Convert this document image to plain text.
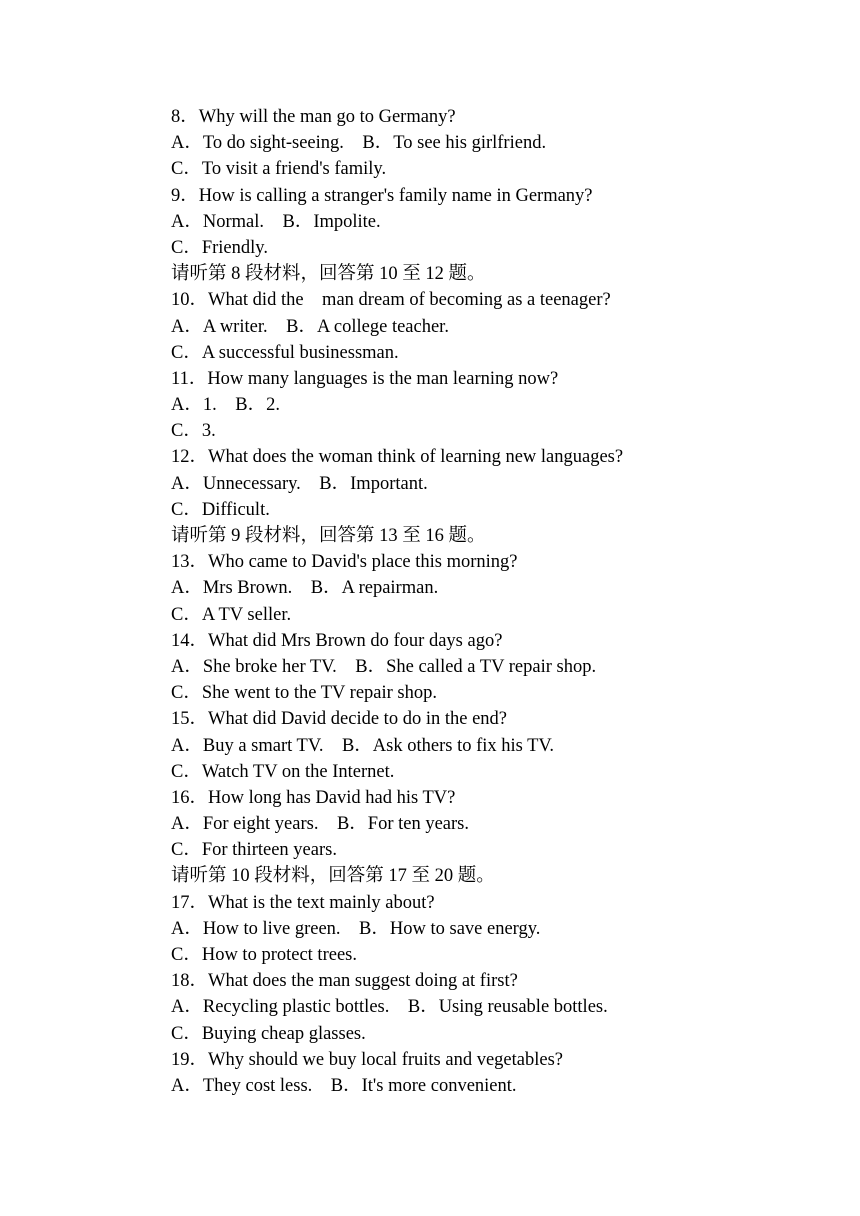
8．Why will the man go to Germany?
A．To do sight-seeing.    B．To see his girlfriend.
C．To visit a friend's family.
9．How is calling a stranger's family name in Germany?
A．Normal.    B．Impolite.
C．Friendly.
请听第 8 段材料，回答第 10 至 12 题。
10．What did the    man dream of becoming as a teenager?
A．A writer.    B．A college teacher.
C．A successful businessman.
11．How many languages is the man learning now?
A．1.    B．2.
C．3.
12．What does the woman think of learning new languages?
A．Unnecessary.    B．Important.
C．Difficult.
请听第 9 段材料，回答第 13 至 16 题。
13．Who came to David's place this morning?
A．Mrs Brown.    B．A repairman.
C．A TV seller.
14．What did Mrs Brown do four days ago?
A．She broke her TV.    B．She called a TV repair shop.
C．She went to the TV repair shop.
15．What did David decide to do in the end?
A．Buy a smart TV.    B．Ask others to fix his TV.
C．Watch TV on the Internet.
16．How long has David had his TV?
A．For eight years.    B．For ten years.
C．For thirteen years.
请听第 10 段材料，回答第 17 至 20 题。
17．What is the text mainly about?
A．How to live green.    B．How to save energy.
C．How to protect trees.
18．What does the man suggest doing at first?
A．Recycling plastic bottles.    B．Using reusable bottles.
C．Buying cheap glasses.
19．Why should we buy local fruits and vegetables?
A．They cost less.    B．It's more convenient.
